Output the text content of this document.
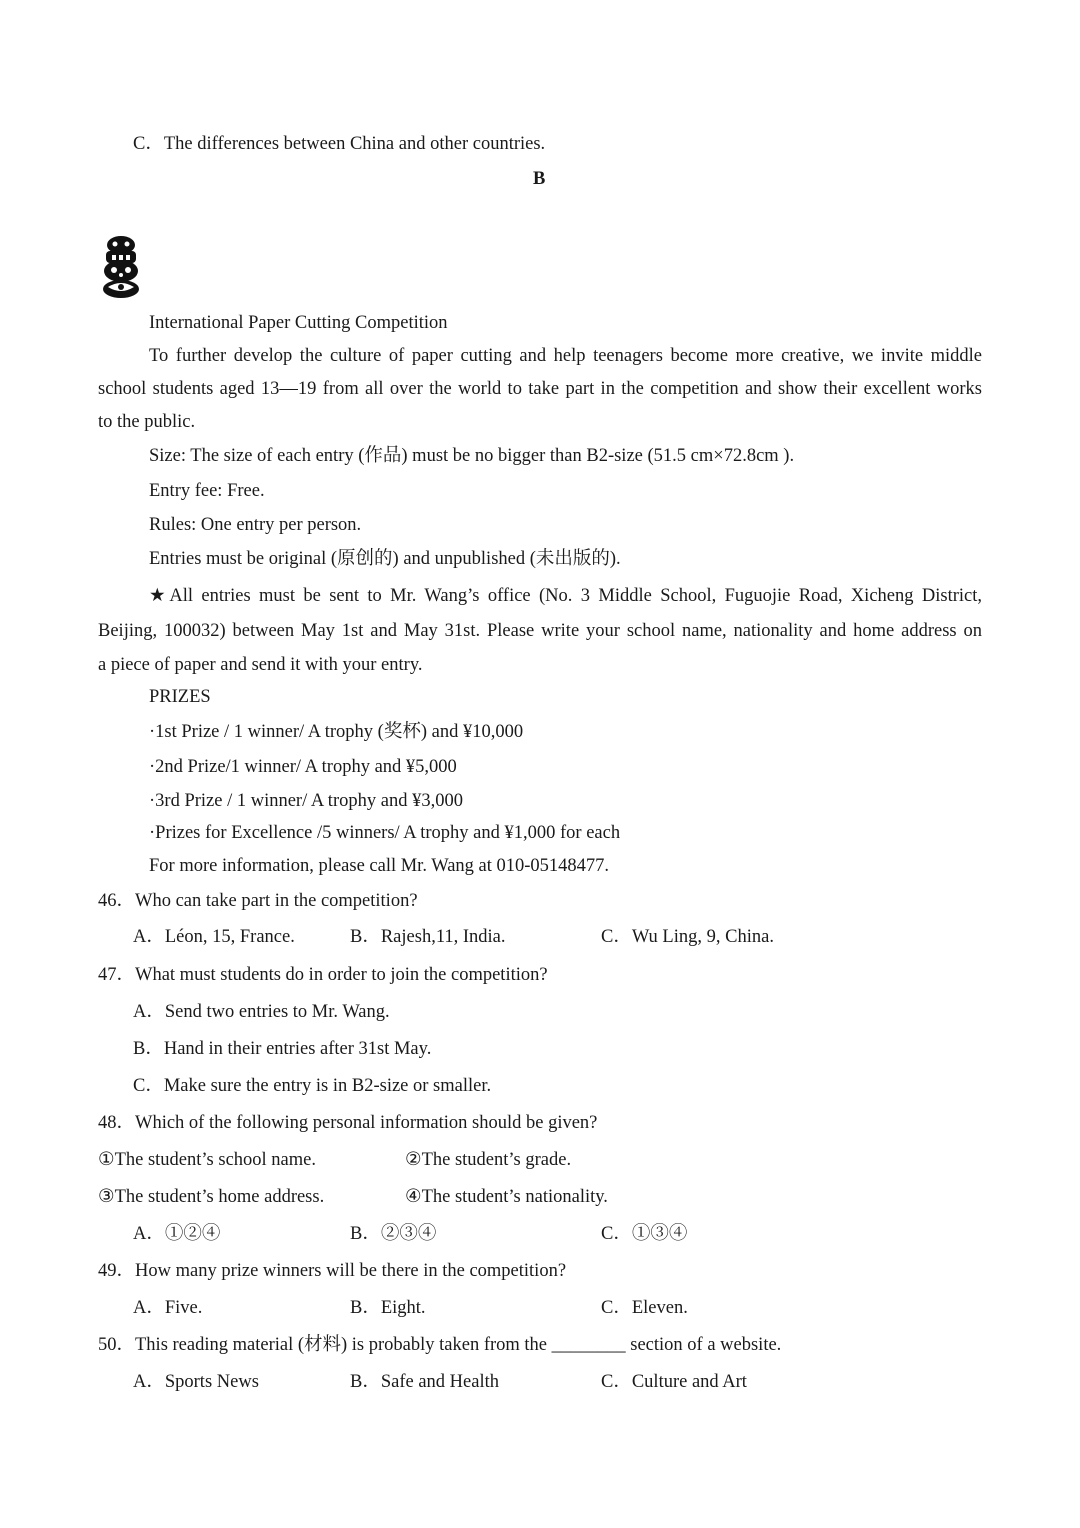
C．The differences between China and other countries.
B
International Paper Cutting Competition
To further develop the culture of paper cutting and help teenagers become more creative, we invite middle
school students aged 13—19 from all over the world to take part in the competition and show their excellent works
to the public.
Size: The size of each entry (作品) must be no bigger than B2-size (51.5 cm×72.8cm ).
Entry fee: Free.
Rules: One entry per person.
Entries must be original (原创的) and unpublished (未出版的).
★All entries must be sent to Mr. Wang’s office (No. 3 Middle School, Fuguojie Road, Xicheng District,
Beijing, 100032) between May 1st and May 31st. Please write your school name, nationality and home address on
a piece of paper and send it with your entry.
PRIZES
·1st Prize / 1 winner/ A trophy (奖杯) and ¥10,000
·2nd Prize/1 winner/ A trophy and ¥5,000
·3rd Prize / 1 winner/ A trophy and ¥3,000
·Prizes for Excellence /5 winners/ A trophy and ¥1,000 for each
For more information, please call Mr. Wang at 010-05148477.
46．Who can take part in the competition?
A．Léon, 15, France.	B．Rajesh,11, India.	C．Wu Ling, 9, China.
47．What must students do in order to join the competition?
A．Send two entries to Mr. Wang.
B．Hand in their entries after 31st May.
C．Make sure the entry is in B2-size or smaller.
48．Which of the following personal information should be given?
①The student’s school name.	②The student’s grade.
③The student’s home address.	④The student’s nationality.
A．①②④	B．②③④	C．①③④
49．How many prize winners will be there in the competition?
A．Five.	B．Eight.	C．Eleven.
50．This reading material (材料) is probably taken from the ________ section of a website.
A．Sports News	B．Safe and Health	C．Culture and Art
